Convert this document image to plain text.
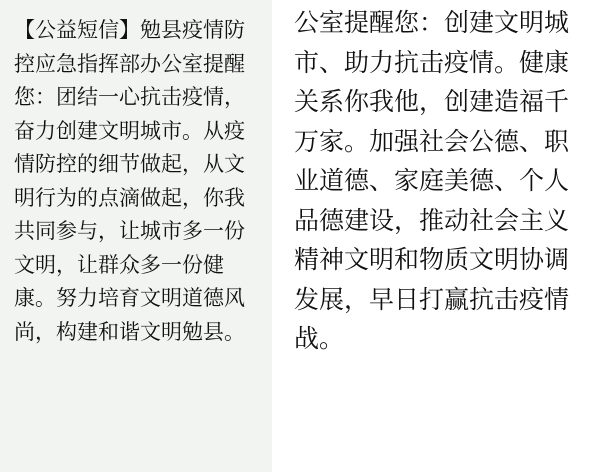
【公益短信】勉县疫情防控应急指挥部办公室提醒您：团结一心抗击疫情，奋力创建文明城市。从疫情防控的细节做起，从文明行为的点滴做起，你我共同参与，让城市多一份文明，让群众多一份健康。努力培育文明道德风尚，构建和谐文明勉县。

公室提醒您：创建文明城市、助力抗击疫情。健康关系你我他，创建造福千万家。加强社会公德、职业道德、家庭美德、个人品德建设，推动社会主义精神文明和物质文明协调发展，早日打赢抗击疫情战。
